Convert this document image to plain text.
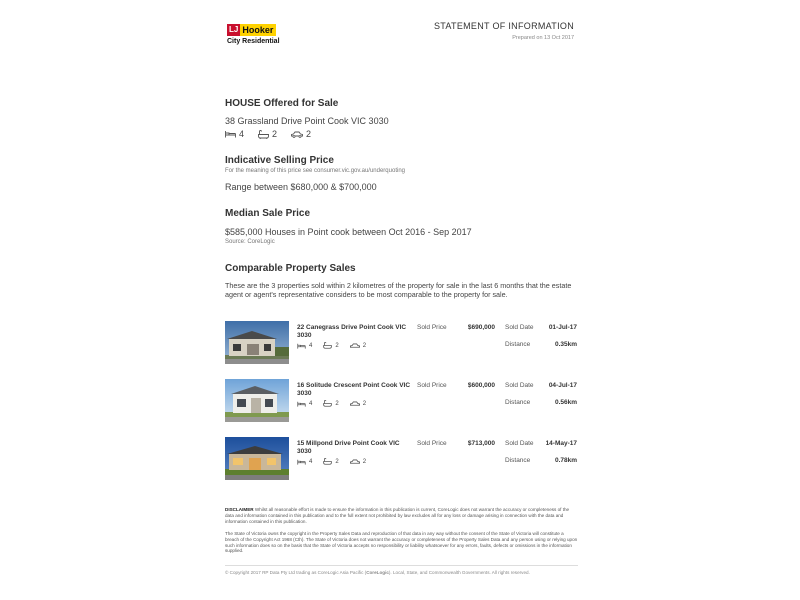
LJ Hooker
City Residential
STATEMENT OF INFORMATION
Prepared on 13 Oct 2017
HOUSE Offered for Sale
38 Grassland Drive Point Cook VIC 3030
4	2	2
Indicative Selling Price
For the meaning of this price see consumer.vic.gov.au/underquoting
Range between $680,000 & $700,000
Median Sale Price
$585,000 Houses in Point cook between Oct 2016 - Sep 2017
Source: CoreLogic
Comparable Property Sales
These are the 3 properties sold within 2 kilometres of the property for sale in the last 6 months that the estate agent or agent's representative considers to be most comparable to the property for sale.
22 Canegrass Drive Point Cook VIC 3030
4	2	2
Sold Price	$690,000 Sold Date 01-Jul-17
Distance	0.35km
16 Solitude Crescent Point Cook VIC 3030
4	2	2
Sold Price	$600,000 Sold Date 04-Jul-17
Distance	0.56km
15 Millpond Drive Point Cook VIC 3030
4	2	2
Sold Price	$713,000 Sold Date 14-May-17
Distance	0.78km
DISCLAIMER Whilst all reasonable effort is made to ensure the information in this publication is current, CoreLogic does not warrant the accuracy or completeness of the data and information contained in this publication and to the full extent not prohibited by law excludes all for any loss or damage arising in connection with the data and information contained in this publication.
The State of Victoria owns the copyright in the Property Sales Data and reproduction of that data in any way without the consent of the State of Victoria will constitute a breach of the Copyright Act 1968 (Cth). The State of Victoria does not warrant the accuracy or completeness of the Property Sales Data and any person using or relying upon such information does so on the basis that the State of Victoria accepts no responsibility or liability whatsoever for any errors, faults, defects or omissions in the information supplied.
© Copyright 2017 RP Data Pty Ltd trading as CoreLogic Asia Pacific (CoreLogic). Local, State, and Commonwealth Governments. All rights reserved.
